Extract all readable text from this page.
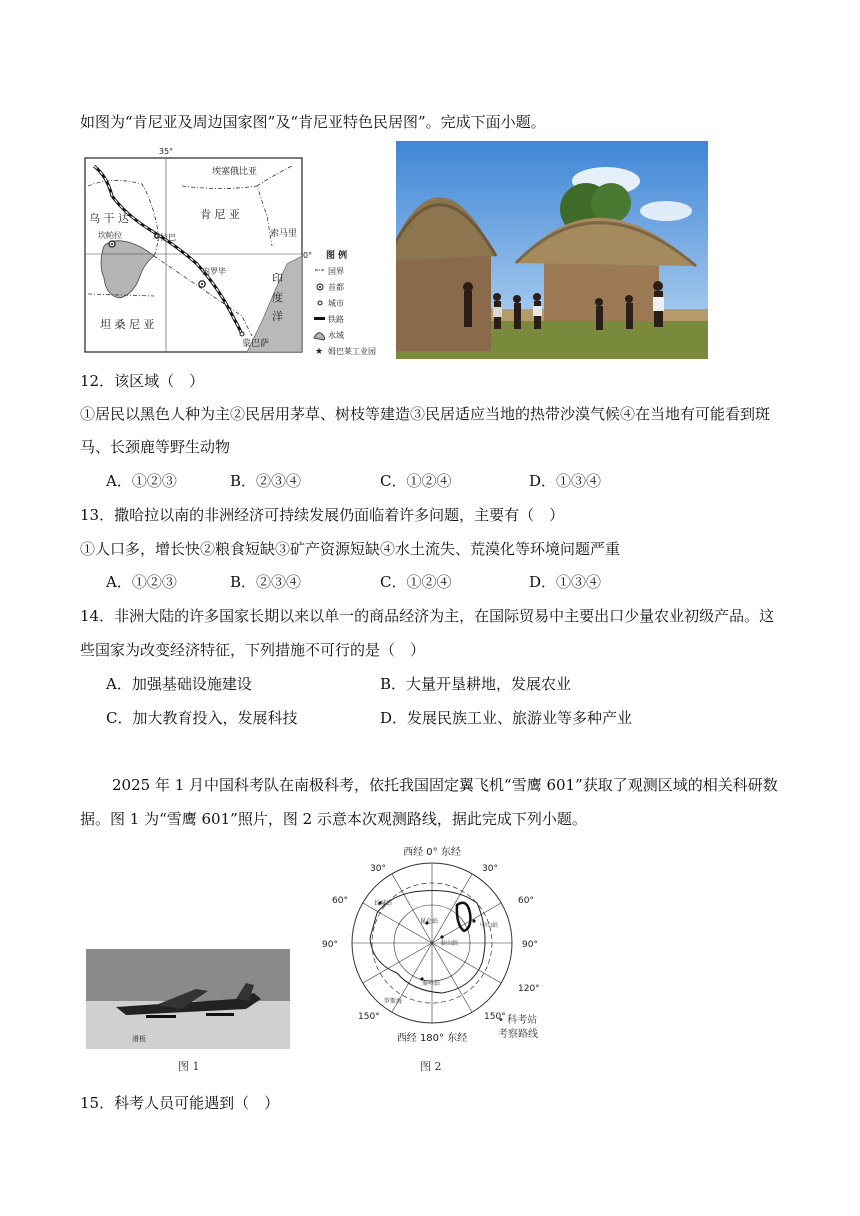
如图为“肯尼亚及周边国家图”及“肯尼亚特色民居图”。完成下面小题。
35°
0°
埃塞俄比亚
乌 干 达	肯 尼 亚
索马里
坦 桑 尼 亚
坎帕拉	马拉巴
内罗毕
蒙巴萨
印
度
洋
图 例
国界
首都
城市
铁路
水域
★ 姆巴莱工业园
12．该区域（　）
①居民以黑色人种为主②民居用茅草、树枝等建造③民居适应当地的热带沙漠气候④在当地有可能看到斑
马、长颈鹿等野生动物
A．①②③	B．②③④	C．①②④	D．①③④
13．撒哈拉以南的非洲经济可持续发展仍面临着许多问题，主要有（　）
①人口多，增长快②粮食短缺③矿产资源短缺④水土流失、荒漠化等环境问题严重
A．①②③	B．②③④	C．①②④	D．①③④
14．非洲大陆的许多国家长期以来以单一的商品经济为主，在国际贸易中主要出口少量农业初级产品。这
些国家为改变经济特征，下列措施不可行的是（　）
A．加强基础设施建设	B．大量开垦耕地，发展农业
C．加大教育投入，发展科技	D．发展民族工业、旅游业等多种产业
2025 年 1 月中国科考队在南极科考，依托我国固定翼飞机“雪鹰 601”获取了观测区域的相关科研数
据。图 1 为“雪鹰 601”照片，图 2 示意本次观测路线，据此完成下列小题。
滑板
图 1
西经 0° 东经
西经 180° 东经
30°	30°
60°	60°
90°	90°
120°
150°	150°
长城站
昆仑站
中山站
泰山站
秦岭站
罗斯海
• 科考站
考察路线
图 2
15．科考人员可能遇到（　）
